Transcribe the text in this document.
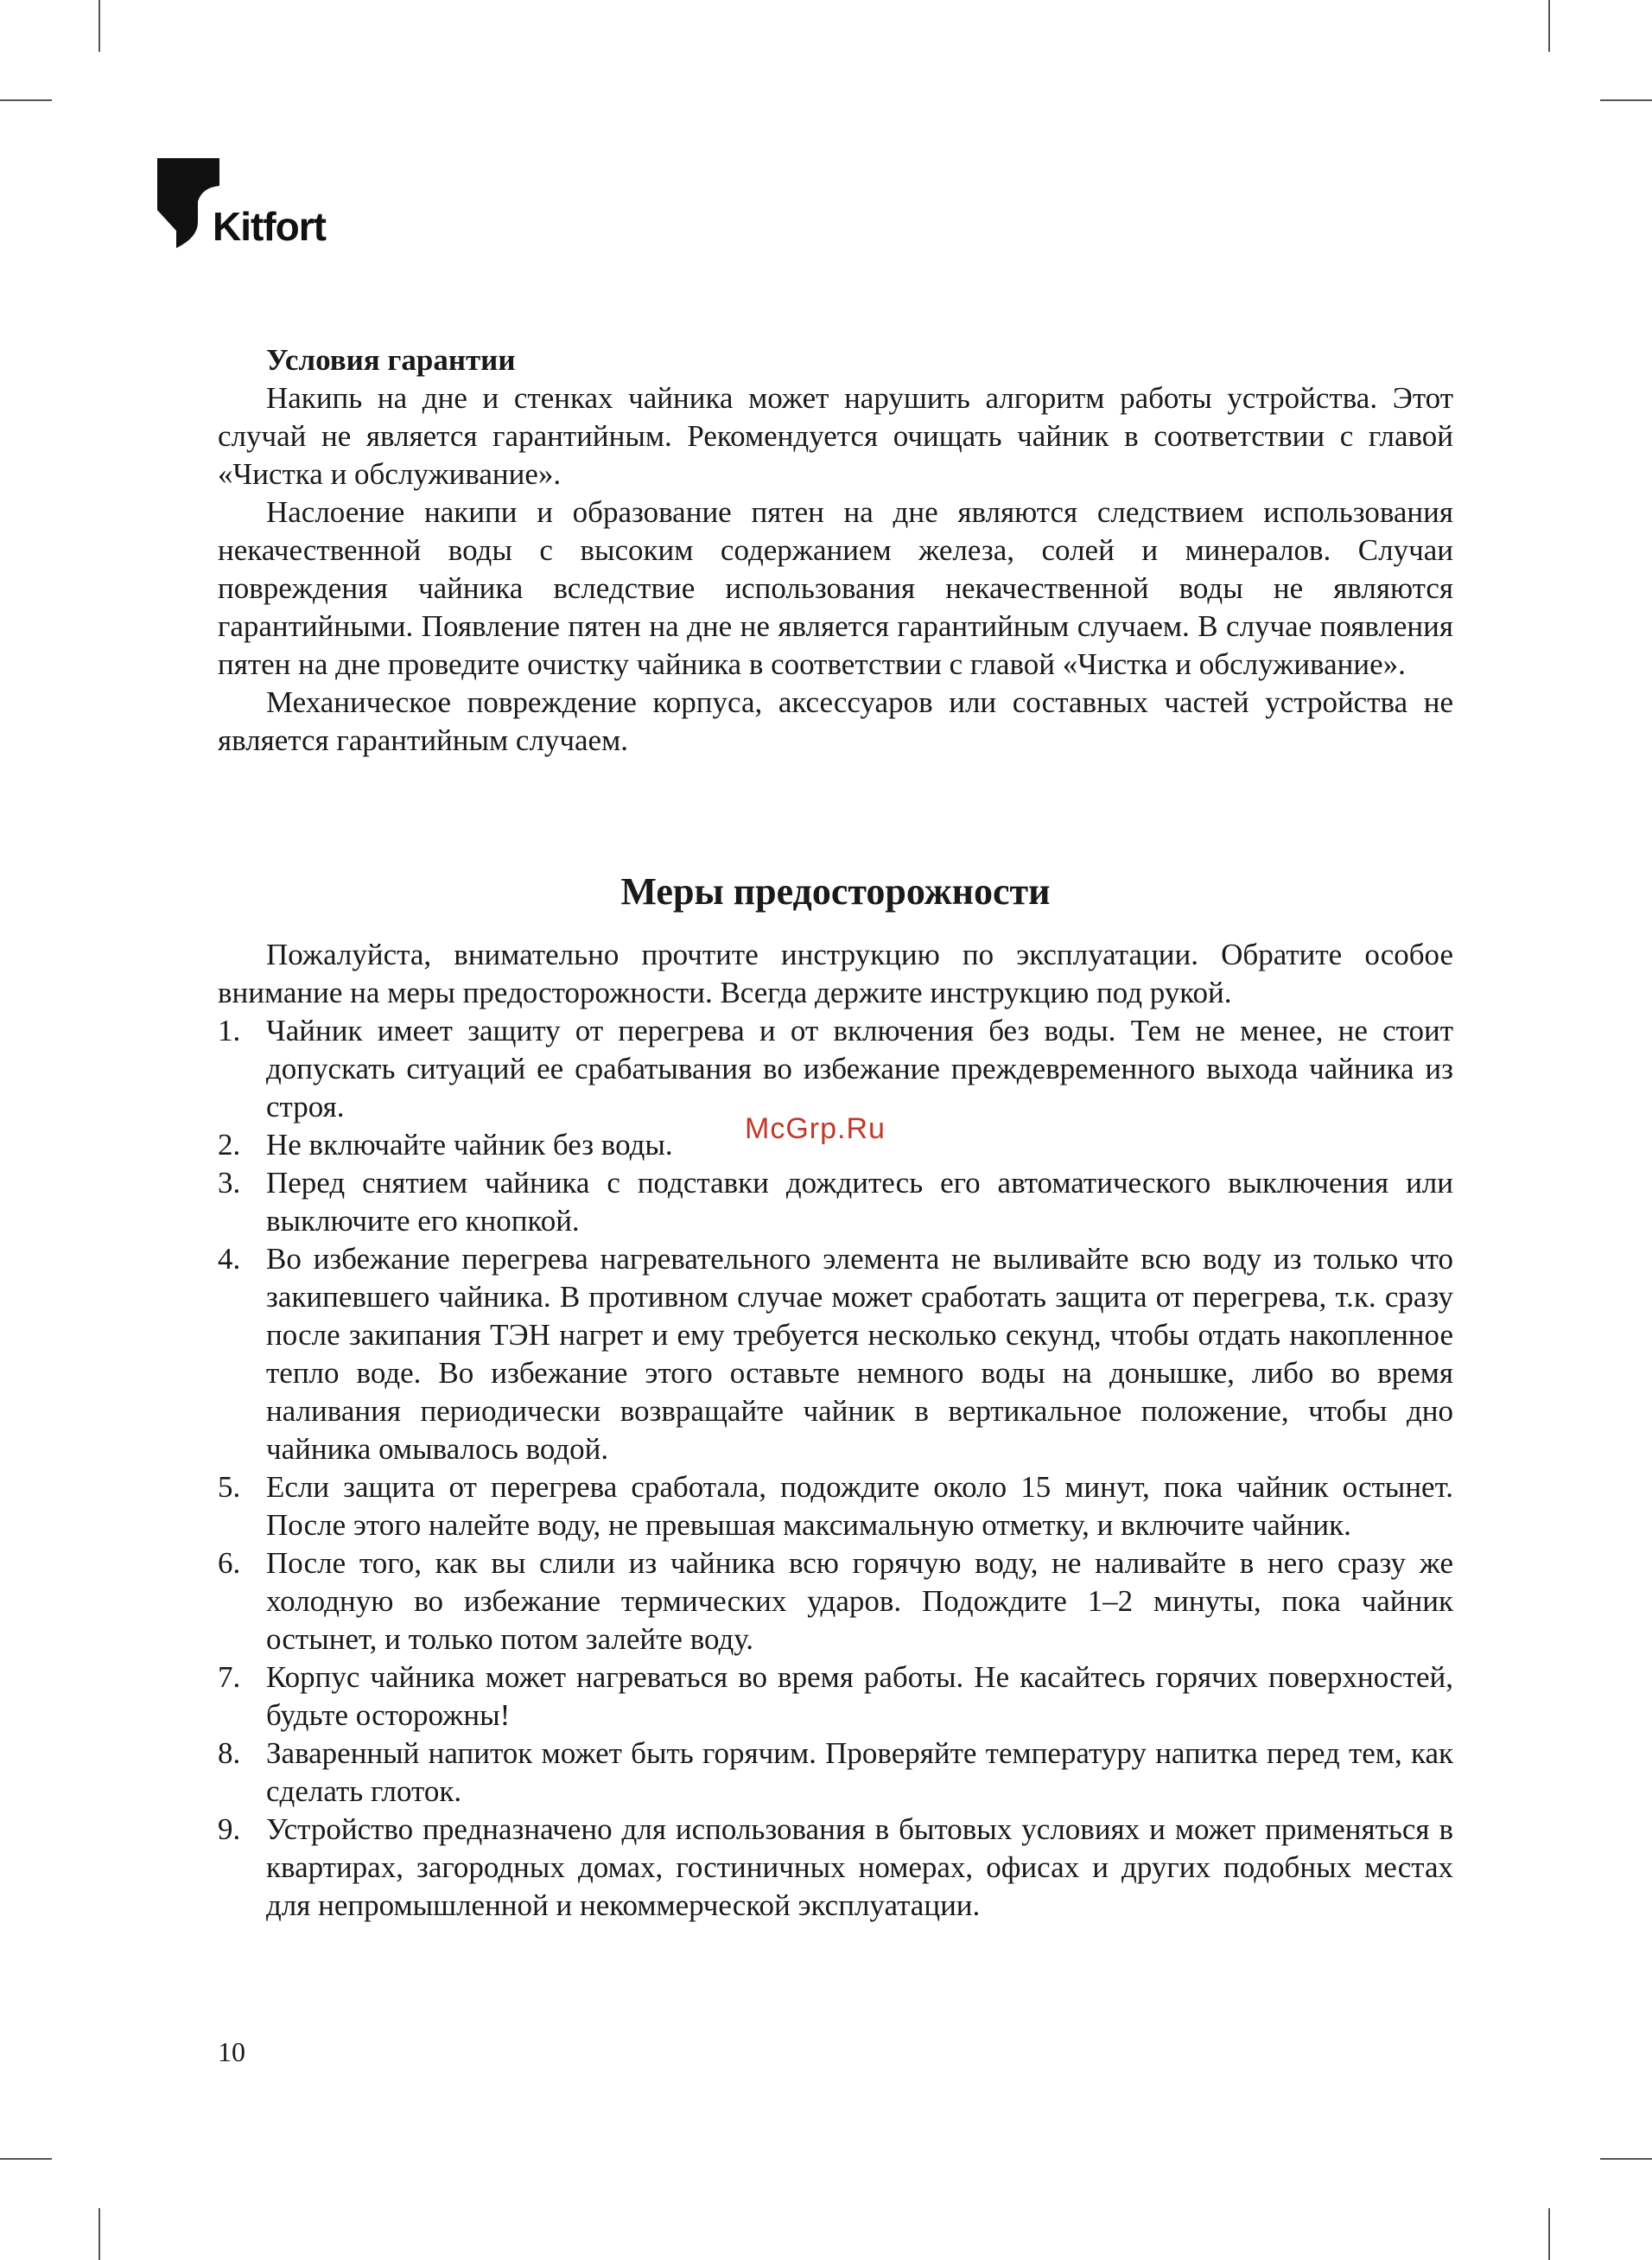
Kitfort

Условия гарантии

Накипь на дне и стенках чайника может нарушить алгоритм работы устройства. Этот случай не является гарантийным. Рекомендуется очищать чайник в соответствии с главой «Чистка и обслуживание».

Наслоение накипи и образование пятен на дне являются следствием использования некачественной воды с высоким содержанием железа, солей и минералов. Случаи повреждения чайника вследствие использования некачественной воды не являются гарантийными. Появление пятен на дне не является гарантийным случаем. В случае появления пятен на дне проведите очистку чайника в соответствии с главой «Чистка и обслуживание».

Механическое повреждение корпуса, аксессуаров или составных частей устройства не является гарантийным случаем.

Меры предосторожности

Пожалуйста, внимательно прочтите инструкцию по эксплуатации. Обратите особое внимание на меры предосторожности. Всегда держите инструкцию под рукой.

1. Чайник имеет защиту от перегрева и от включения без воды. Тем не менее, не стоит допускать ситуаций ее срабатывания во избежание преждевременного выхода чайника из строя.
2. Не включайте чайник без воды.
3. Перед снятием чайника с подставки дождитесь его автоматического выключения или выключите его кнопкой.
4. Во избежание перегрева нагревательного элемента не выливайте всю воду из только что закипевшего чайника. В противном случае может сработать защита от перегрева, т.к. сразу после закипания ТЭН нагрет и ему требуется несколько секунд, чтобы отдать накопленное тепло воде. Во избежание этого оставьте немного воды на донышке, либо во время наливания периодически возвращайте чайник в вертикальное положение, чтобы дно чайника омывалось водой.
5. Если защита от перегрева сработала, подождите около 15 минут, пока чайник остынет. После этого налейте воду, не превышая максимальную отметку, и включите чайник.
6. После того, как вы слили из чайника всю горячую воду, не наливайте в него сразу же холодную во избежание термических ударов. Подождите 1–2 минуты, пока чайник остынет, и только потом залейте воду.
7. Корпус чайника может нагреваться во время работы. Не касайтесь горячих поверхностей, будьте осторожны!
8. Заваренный напиток может быть горячим. Проверяйте температуру напитка перед тем, как сделать глоток.
9. Устройство предназначено для использования в бытовых условиях и может применяться в квартирах, загородных домах, гостиничных номерах, офисах и других подобных местах для непромышленной и некоммерческой эксплуатации.
McGrp.Ru
10
